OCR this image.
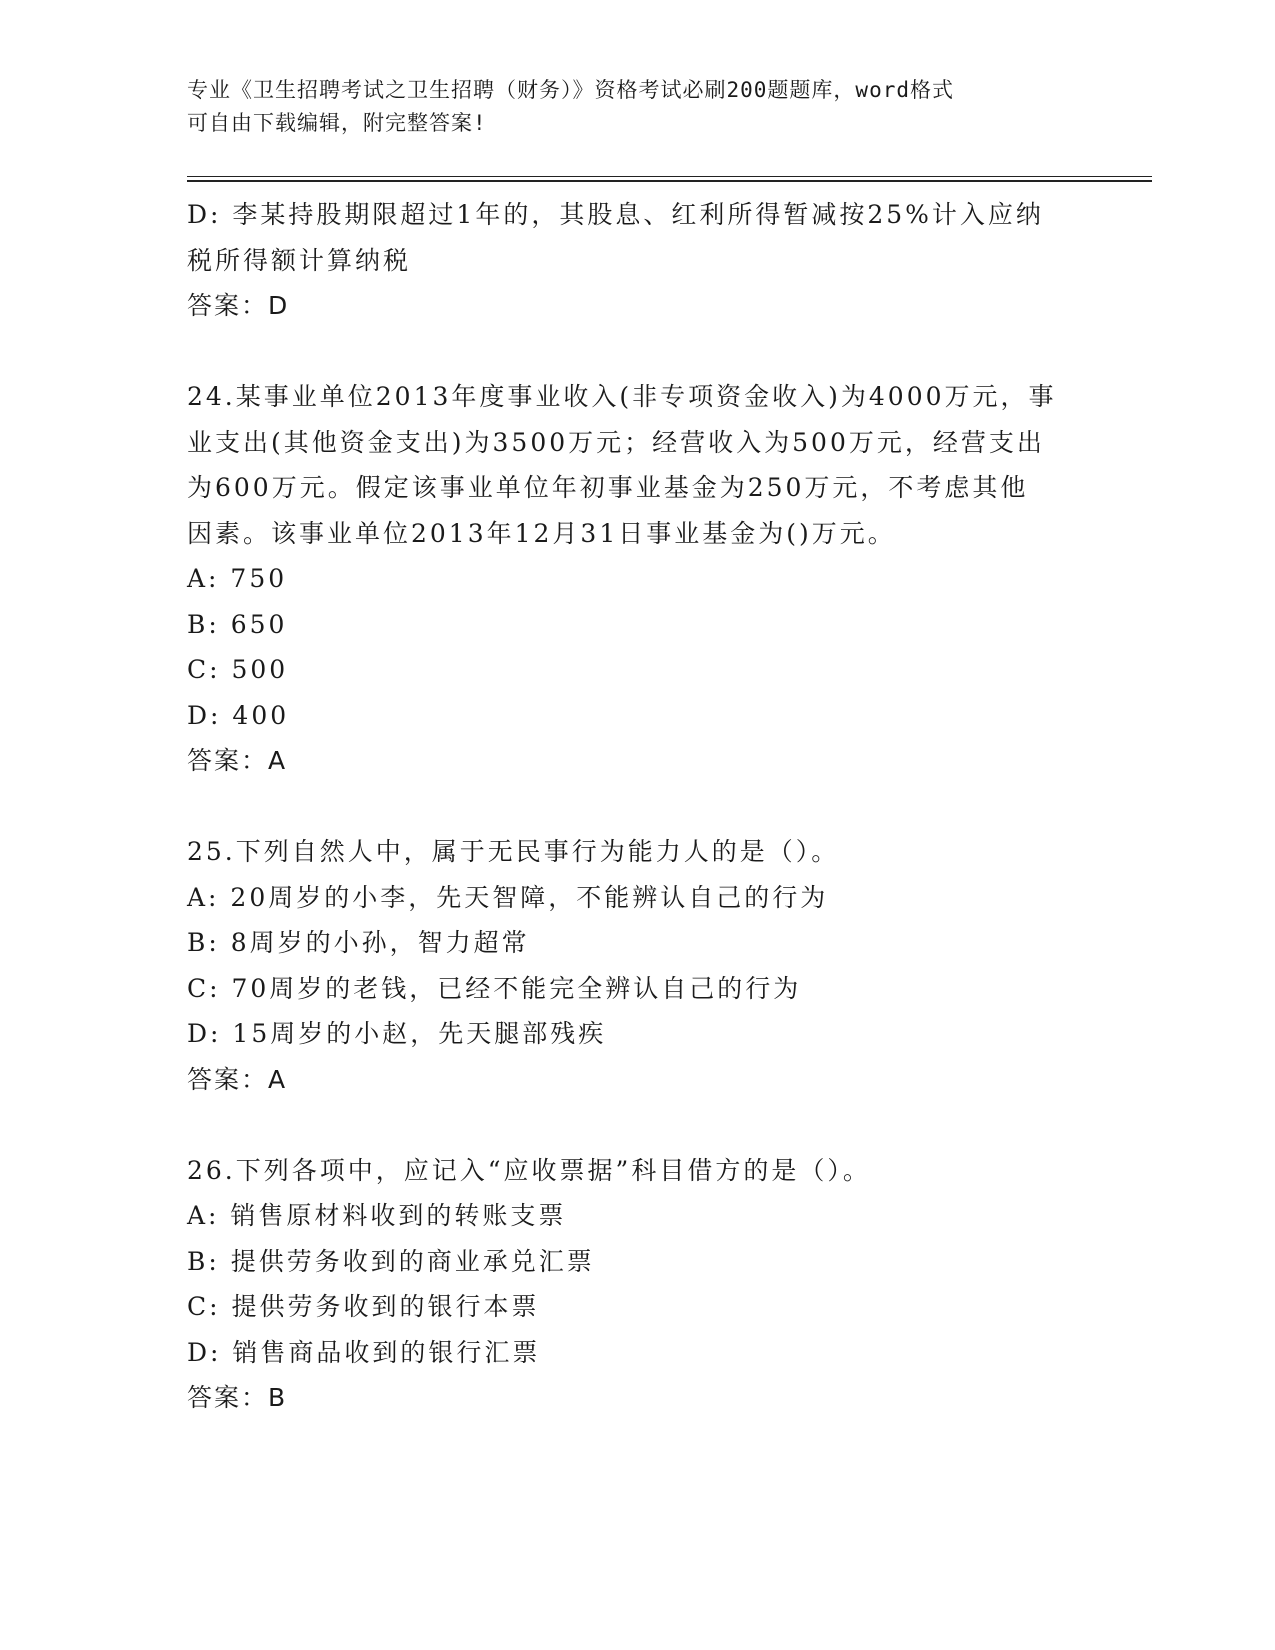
专业《卫生招聘考试之卫生招聘（财务）》资格考试必刷200题题库，word格式
可自由下载编辑，附完整答案!
D: 李某持股期限超过1年的，其股息、红利所得暂减按25%计入应纳
税所得额计算纳税
答案：D
24.某事业单位2013年度事业收入(非专项资金收入)为4000万元，事
业支出(其他资金支出)为3500万元；经营收入为500万元，经营支出
为600万元。假定该事业单位年初事业基金为250万元，不考虑其他
因素。该事业单位2013年12月31日事业基金为()万元。
A: 750
B: 650
C: 500
D: 400
答案：A
25.下列自然人中，属于无民事行为能力人的是（）。
A: 20周岁的小李，先天智障，不能辨认自己的行为
B: 8周岁的小孙，智力超常
C: 70周岁的老钱，已经不能完全辨认自己的行为
D: 15周岁的小赵，先天腿部残疾
答案：A
26.下列各项中，应记入“应收票据”科目借方的是（）。
A: 销售原材料收到的转账支票
B: 提供劳务收到的商业承兑汇票
C: 提供劳务收到的银行本票
D: 销售商品收到的银行汇票
答案：B
